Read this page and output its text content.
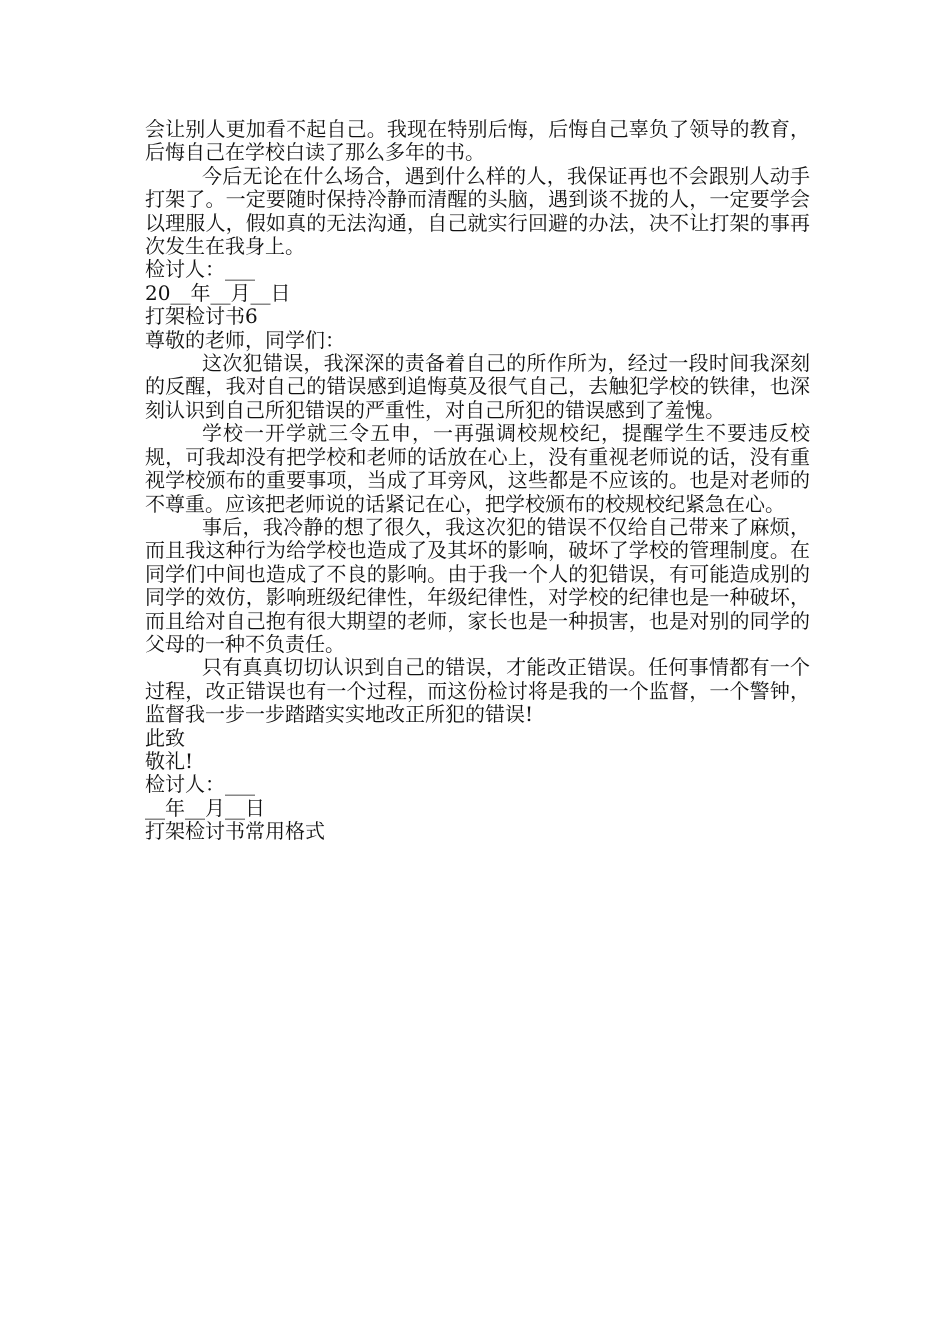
会让别人更加看不起自己。我现在特别后悔，后悔自己辜负了领导的教育，后悔自己在学校白读了那么多年的书。

今后无论在什么场合，遇到什么样的人，我保证再也不会跟别人动手打架了。一定要随时保持冷静而清醒的头脑，遇到谈不拢的人，一定要学会以理服人，假如真的无法沟通，自己就实行回避的办法，决不让打架的事再次发生在我身上。

检讨人：___

20__年__月__日

打架检讨书6

尊敬的老师，同学们：

这次犯错误，我深深的责备着自己的所作所为，经过一段时间我深刻的反醒，我对自己的错误感到追悔莫及很气自己，去触犯学校的铁律，也深刻认识到自己所犯错误的严重性，对自己所犯的错误感到了羞愧。

学校一开学就三令五申，一再强调校规校纪，提醒学生不要违反校规，可我却没有把学校和老师的话放在心上，没有重视老师说的话，没有重视学校颁布的重要事项，当成了耳旁风，这些都是不应该的。也是对老师的不尊重。应该把老师说的话紧记在心，把学校颁布的校规校纪紧急在心。

事后，我冷静的想了很久，我这次犯的错误不仅给自己带来了麻烦，而且我这种行为给学校也造成了及其坏的影响，破坏了学校的管理制度。在同学们中间也造成了不良的影响。由于我一个人的犯错误，有可能造成别的同学的效仿，影响班级纪律性，年级纪律性，对学校的纪律也是一种破坏，而且给对自己抱有很大期望的老师，家长也是一种损害，也是对别的同学的父母的一种不负责任。

只有真真切切认识到自己的错误，才能改正错误。任何事情都有一个过程，改正错误也有一个过程，而这份检讨将是我的一个监督，一个警钟，监督我一步一步踏踏实实地改正所犯的错误!

此致

敬礼!

检讨人：___

__年__月__日

打架检讨书常用格式
